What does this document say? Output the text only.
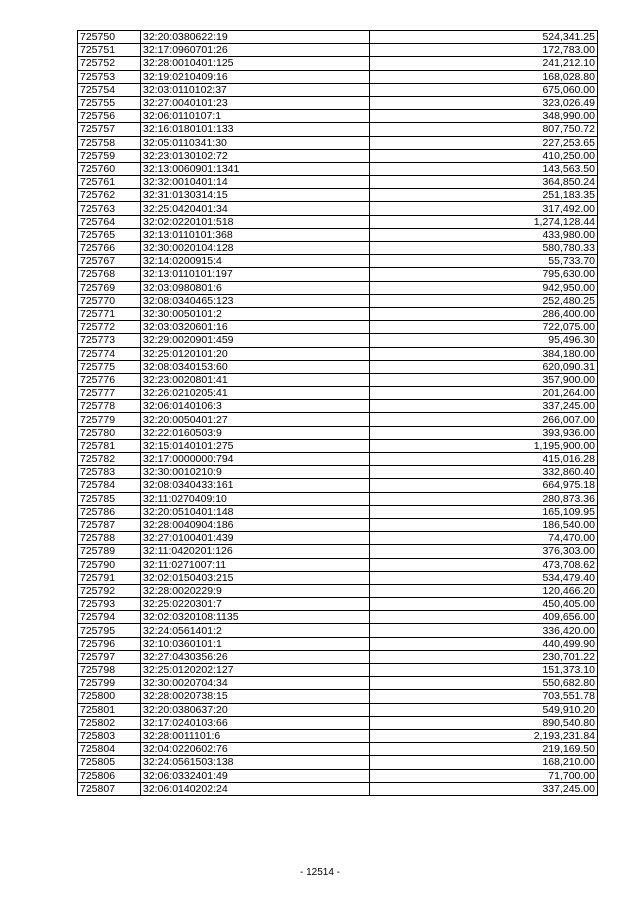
725750	32:20:0380622:19	524,341.25
725751	32:17:0960701:26	172,783.00
725752	32:28:0010401:125	241,212.10
725753	32:19:0210409:16	168,028.80
725754	32:03:0110102:37	675,060.00
725755	32:27:0040101:23	323,026.49
725756	32:06:0110107:1	348,990.00
725757	32:16:0180101:133	807,750.72
725758	32:05:0110341:30	227,253.65
725759	32:23:0130102:72	410,250.00
725760	32:13:0060901:1341	143,563.50
725761	32:32:0010401:14	364,850.24
725762	32:31:0130314:15	251,183.35
725763	32:25:0420401:34	317,492.00
725764	32:02:0220101:518	1,274,128.44
725765	32:13:0110101:368	433,980.00
725766	32:30:0020104:128	580,780.33
725767	32:14:0200915:4	55,733.70
725768	32:13:0110101:197	795,630.00
725769	32:03:0980801:6	942,950.00
725770	32:08:0340465:123	252,480.25
725771	32:30:0050101:2	286,400.00
725772	32:03:0320601:16	722,075.00
725773	32:29:0020901:459	95,496.30
725774	32:25:0120101:20	384,180.00
725775	32:08:0340153:60	620,090.31
725776	32:23:0020801:41	357,900.00
725777	32:26:0210205:41	201,264.00
725778	32:06:0140106:3	337,245.00
725779	32:20:0050401:27	266,007.00
725780	32:22:0160503:9	393,936.00
725781	32:15:0140101:275	1,195,900.00
725782	32:17:0000000:794	415,016.28
725783	32:30:0010210:9	332,860.40
725784	32:08:0340433:161	664,975.18
725785	32:11:0270409:10	280,873.36
725786	32:20:0510401:148	165,109.95
725787	32:28:0040904:186	186,540.00
725788	32:27:0100401:439	74,470.00
725789	32:11:0420201:126	376,303.00
725790	32:11:0271007:11	473,708.62
725791	32:02:0150403:215	534,479.40
725792	32:28:0020229:9	120,466.20
725793	32:25:0220301:7	450,405.00
725794	32:02:0320108:1135	409,656.00
725795	32:24:0561401:2	336,420.00
725796	32:10:0360101:1	440,499.90
725797	32:27:0430356:26	230,701.22
725798	32:25:0120202:127	151,373.10
725799	32:30:0020704:34	550,682.80
725800	32:28:0020738:15	703,551.78
725801	32:20:0380637:20	549,910.20
725802	32:17:0240103:66	890,540.80
725803	32:28:0011101:6	2,193,231.84
725804	32:04:0220602:76	219,169.50
725805	32:24:0561503:138	168,210.00
725806	32:06:0332401:49	71,700.00
725807	32:06:0140202:24	337,245.00
- 12514 -
